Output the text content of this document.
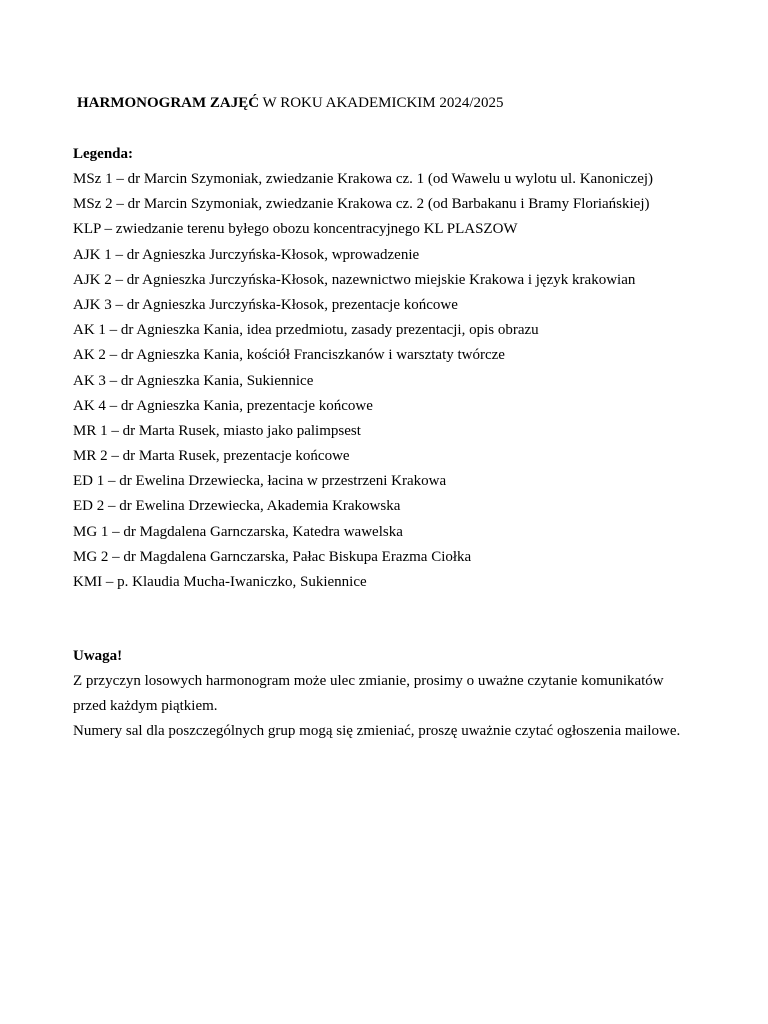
HARMONOGRAM ZAJĘĆ W ROKU AKADEMICKIM 2024/2025
Legenda:
MSz 1 – dr Marcin Szymoniak, zwiedzanie Krakowa cz. 1 (od Wawelu u wylotu ul. Kanoniczej)
MSz 2 – dr Marcin Szymoniak, zwiedzanie Krakowa cz. 2 (od Barbakanu i Bramy Floriańskiej)
KLP – zwiedzanie terenu byłego obozu koncentracyjnego KL PLASZOW
AJK 1 – dr Agnieszka Jurczyńska-Kłosok, wprowadzenie
AJK 2 – dr Agnieszka Jurczyńska-Kłosok, nazewnictwo miejskie Krakowa i język krakowian
AJK 3 – dr Agnieszka Jurczyńska-Kłosok, prezentacje końcowe
AK 1 – dr Agnieszka Kania, idea przedmiotu, zasady prezentacji, opis obrazu
AK 2 – dr Agnieszka Kania, kościół Franciszkanów i warsztaty twórcze
AK 3 – dr Agnieszka Kania, Sukiennice
AK 4 – dr Agnieszka Kania, prezentacje końcowe
MR 1 – dr Marta Rusek, miasto jako palimpsest
MR 2 – dr Marta Rusek, prezentacje końcowe
ED 1 – dr Ewelina Drzewiecka, łacina w przestrzeni Krakowa
ED 2 – dr Ewelina Drzewiecka, Akademia Krakowska
MG 1 – dr Magdalena Garnczarska, Katedra wawelska
MG 2 – dr Magdalena Garnczarska, Pałac Biskupa Erazma Ciołka
KMI – p. Klaudia Mucha-Iwaniczko, Sukiennice
Uwaga!
Z przyczyn losowych harmonogram może ulec zmianie, prosimy o uważne czytanie komunikatów przed każdym piątkiem.
Numery sal dla poszczególnych grup mogą się zmieniać, proszę uważnie czytać ogłoszenia mailowe.
